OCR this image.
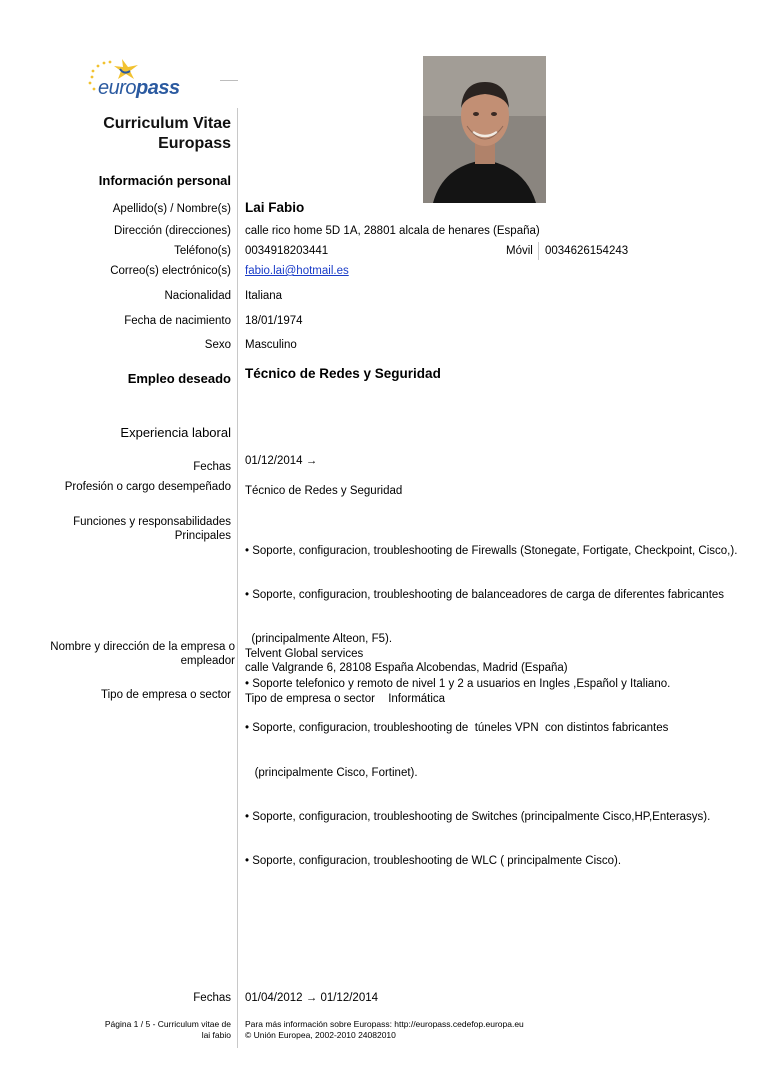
europass
Curriculum Vitae
Europass
Información personal
Apellido(s) / Nombre(s) Lai Fabio
Dirección (direcciones) calle rico home 5D 1A, 28801 alcala de henares (España)
Teléfono(s) 0034918203441	Móvil 0034626154243
Correo(s) electrónico(s) fabio.lai@hotmail.es
Nacionalidad Italiana
Fecha de nacimiento 18/01/1974
Sexo Masculino
Empleo deseado Técnico de Redes y Seguridad
Experiencia laboral
Fechas 01/12/2014 →
Profesión o cargo desempeñado Técnico de Redes y Seguridad
Funciones y responsabilidades
Principales

• Soporte, configuracion, troubleshooting de Firewalls (Stonegate, Fortigate, Checkpoint, Cisco,).

• Soporte, configuracion, troubleshooting de balanceadores de carga de diferentes fabricantes

(principalmente Alteon, F5).

• Soporte telefonico y remoto de nivel 1 y 2 a usuarios en Ingles ,Español y Italiano.

• Soporte, configuracion, troubleshooting de  túneles VPN  con distintos fabricantes

(principalmente Cisco, Fortinet).

• Soporte, configuracion, troubleshooting de Switches (principalmente Cisco,HP,Enterasys).

• Soporte, configuracion, troubleshooting de WLC ( principalmente Cisco).

Nombre y dirección de la empresa o
empleador
Telvent Global services
calle Valgrande 6, 28108 España Alcobendas, Madrid (España)
Tipo de empresa o sector Tipo de empresa o sector Informática
Fechas 01/04/2012 → 01/12/2014
Página 1 / 5 - Curriculum vitae de
lai fabio
Para más información sobre Europass: http://europass.cedefop.europa.eu
© Unión Europea, 2002-2010 24082010
